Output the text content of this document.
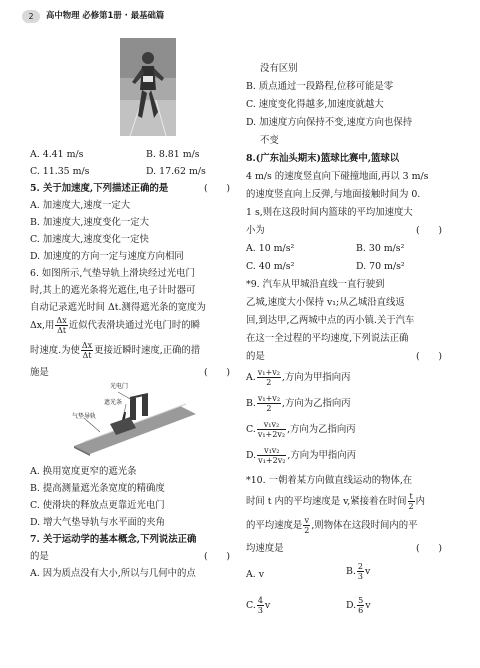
2	高中物理 必修第1册 · 最基础篇
A. 4.41 m/s	B. 8.81 m/s
C. 11.35 m/s	D. 17.62 m/s
5. 关于加速度,下列描述正确的是	(　　)
A. 加速度大,速度一定大
B. 加速度大,速度变化一定大
C. 加速度大,速度变化一定快
D. 加速度的方向一定与速度方向相同
6. 如图所示,气垫导轨上滑块经过光电门
时,其上的遮光条将光遮住,电子计时器可
自动记录遮光时间 Δt.测得遮光条的宽度为
Δx,用 $\frac{\Delta x}{\Delta t}$ 近似代表滑块通过光电门时的瞬
时速度.为使 $\frac{\Delta x}{\Delta t}$ 更接近瞬时速度,正确的措
施是	(　　)
光电门
遮光条
气垫导轨
A. 换用宽度更窄的遮光条
B. 提高测量遮光条宽度的精确度
C. 使滑块的释放点更靠近光电门
D. 增大气垫导轨与水平面的夹角
7. 关于运动学的基本概念,下列说法正确
的是	(　　)
A. 因为质点没有大小,所以与几何中的点
没有区别
B. 质点通过一段路程,位移可能是零
C. 速度变化得越多,加速度就越大
D. 加速度方向保持不变,速度方向也保持
不变
8.(广东汕头期末)篮球比赛中,篮球以
4 m/s 的速度竖直向下碰撞地面,再以 3 m/s
的速度竖直向上反弹,与地面接触时间为 0.
1 s,则在这段时间内篮球的平均加速度大
小为	(　　)
A. 10 m/s²	B. 30 m/s²
C. 40 m/s²	D. 70 m/s²
*9. 汽车从甲城沿直线一直行驶到
乙城,速度大小保持 v₁;从乙城沿直线返
回,到达甲,乙两城中点的丙小镇.关于汽车
在这一全过程的平均速度,下列说法正确
的是	(　　)
A. $\frac{\text{v₁+v₂}}{2}$ ,方向为甲指向丙
B. $\frac{\text{v₁+v₂}}{2}$ ,方向为乙指向丙
C. $\frac{\text{v₁v₂}}{\text{v₁+2v₂}}$ ,方向为乙指向丙
D. $\frac{\text{v₁v₂}}{\text{v₁+2v₂}}$ ,方向为甲指向丙
*10. 一朝着某方向做直线运动的物体,在
时间 t 内的平均速度是 v,紧接着在时间 $\frac{t}{2}$ 内
的平均速度是 $\frac{v}{2}$ ,则物体在这段时间内的平
均速度是	(　　)
A. v	B. $\frac{2}{3}$ v
C. $\frac{4}{3}$ v	D. $\frac{5}{6}$ v
